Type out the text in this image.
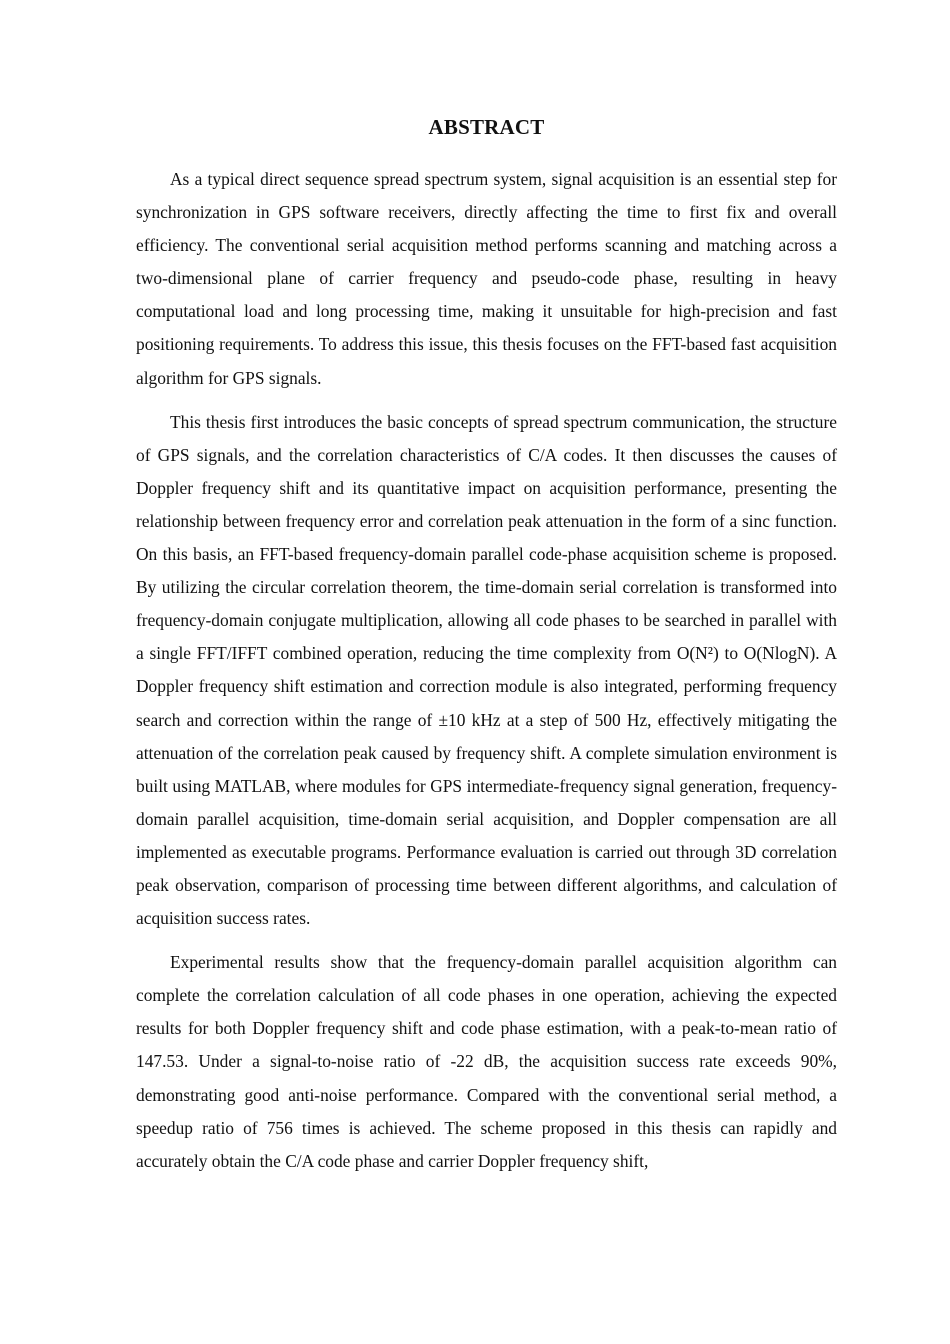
ABSTRACT

As a typical direct sequence spread spectrum system, signal acquisition is an essential step for synchronization in GPS software receivers, directly affecting the time to first fix and overall efficiency. The conventional serial acquisition method performs scanning and matching across a two-dimensional plane of carrier frequency and pseudo-code phase, resulting in heavy computational load and long processing time, making it unsuitable for high-precision and fast positioning requirements. To address this issue, this thesis focuses on the FFT-based fast acquisition algorithm for GPS signals.

This thesis first introduces the basic concepts of spread spectrum communication, the structure of GPS signals, and the correlation characteristics of C/A codes. It then discusses the causes of Doppler frequency shift and its quantitative impact on acquisition performance, presenting the relationship between frequency error and correlation peak attenuation in the form of a sinc function. On this basis, an FFT-based frequency-domain parallel code-phase acquisition scheme is proposed. By utilizing the circular correlation theorem, the time-domain serial correlation is transformed into frequency-domain conjugate multiplication, allowing all code phases to be searched in parallel with a single FFT/IFFT combined operation, reducing the time complexity from O(N²) to O(NlogN). A Doppler frequency shift estimation and correction module is also integrated, performing frequency search and correction within the range of ±10 kHz at a step of 500 Hz, effectively mitigating the attenuation of the correlation peak caused by frequency shift. A complete simulation environment is built using MATLAB, where modules for GPS intermediate-frequency signal generation, frequency-domain parallel acquisition, time-domain serial acquisition, and Doppler compensation are all implemented as executable programs. Performance evaluation is carried out through 3D correlation peak observation, comparison of processing time between different algorithms, and calculation of acquisition success rates.

Experimental results show that the frequency-domain parallel acquisition algorithm can complete the correlation calculation of all code phases in one operation, achieving the expected results for both Doppler frequency shift and code phase estimation, with a peak-to-mean ratio of 147.53. Under a signal-to-noise ratio of -22 dB, the acquisition success rate exceeds 90%, demonstrating good anti-noise performance. Compared with the conventional serial method, a speedup ratio of 756 times is achieved. The scheme proposed in this thesis can rapidly and accurately obtain the C/A code phase and carrier Doppler frequency shift,
